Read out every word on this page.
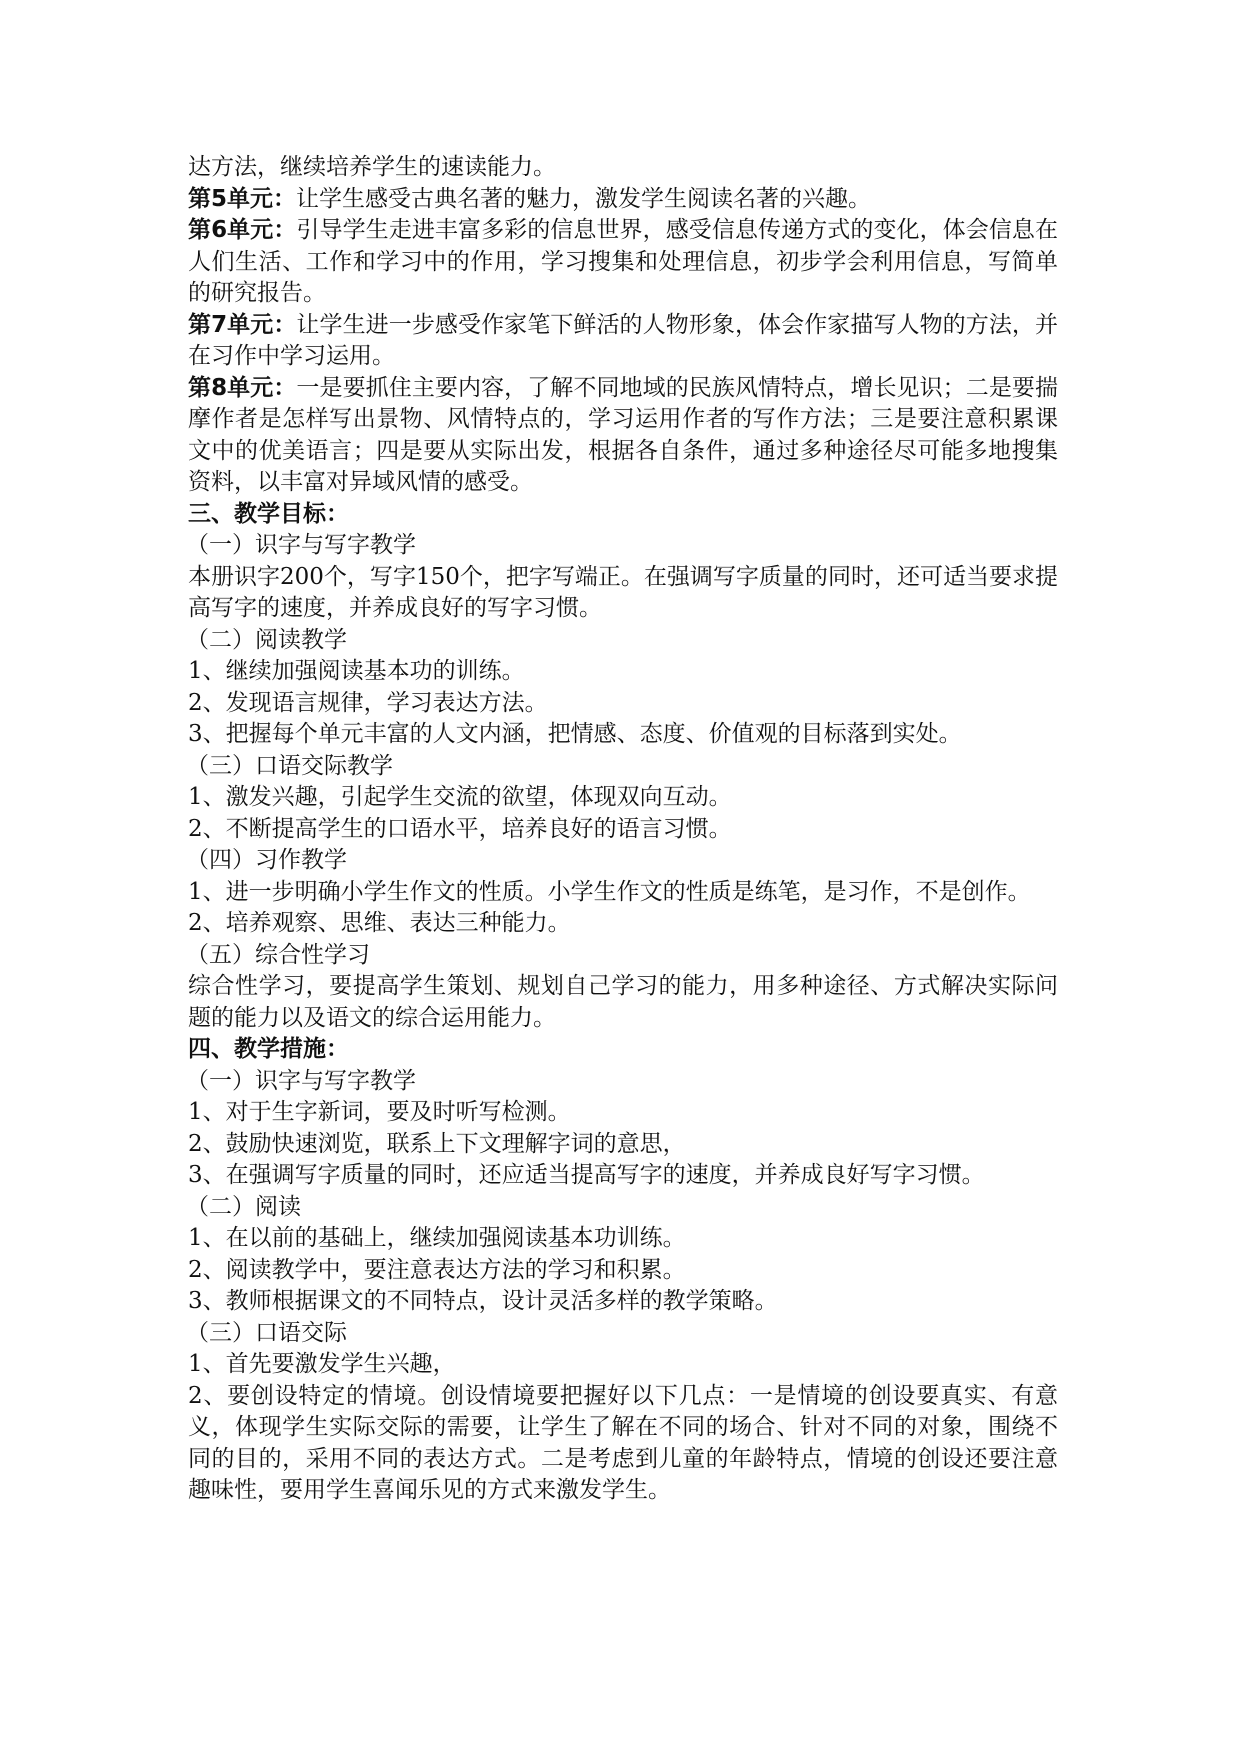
达方法，继续培养学生的速读能力。

第5单元：让学生感受古典名著的魅力，激发学生阅读名著的兴趣。

第6单元：引导学生走进丰富多彩的信息世界，感受信息传递方式的变化，体会信息在人们生活、工作和学习中的作用，学习搜集和处理信息，初步学会利用信息，写简单的研究报告。

第7单元：让学生进一步感受作家笔下鲜活的人物形象，体会作家描写人物的方法，并在习作中学习运用。

第8单元：一是要抓住主要内容，了解不同地域的民族风情特点，增长见识；二是要揣摩作者是怎样写出景物、风情特点的，学习运用作者的写作方法；三是要注意积累课文中的优美语言；四是要从实际出发，根据各自条件，通过多种途径尽可能多地搜集资料，以丰富对异域风情的感受。

三、教学目标：

（一）识字与写字教学

本册识字200个，写字150个，把字写端正。在强调写字质量的同时，还可适当要求提高写字的速度，并养成良好的写字习惯。

（二）阅读教学

1、继续加强阅读基本功的训练。

2、发现语言规律，学习表达方法。

3、把握每个单元丰富的人文内涵，把情感、态度、价值观的目标落到实处。

（三）口语交际教学

1、激发兴趣，引起学生交流的欲望，体现双向互动。

2、不断提高学生的口语水平，培养良好的语言习惯。

（四）习作教学

1、进一步明确小学生作文的性质。小学生作文的性质是练笔，是习作，不是创作。

2、培养观察、思维、表达三种能力。

（五）综合性学习

综合性学习，要提高学生策划、规划自己学习的能力，用多种途径、方式解决实际问题的能力以及语文的综合运用能力。

四、教学措施：

（一）识字与写字教学

1、对于生字新词，要及时听写检测。

2、鼓励快速浏览，联系上下文理解字词的意思，

3、在强调写字质量的同时，还应适当提高写字的速度，并养成良好写字习惯。

（二）阅读

1、在以前的基础上，继续加强阅读基本功训练。

2、阅读教学中，要注意表达方法的学习和积累。

3、教师根据课文的不同特点，设计灵活多样的教学策略。

（三）口语交际

1、首先要激发学生兴趣，

2、要创设特定的情境。创设情境要把握好以下几点：一是情境的创设要真实、有意义，体现学生实际交际的需要，让学生了解在不同的场合、针对不同的对象，围绕不同的目的，采用不同的表达方式。二是考虑到儿童的年龄特点，情境的创设还要注意趣味性，要用学生喜闻乐见的方式来激发学生。
